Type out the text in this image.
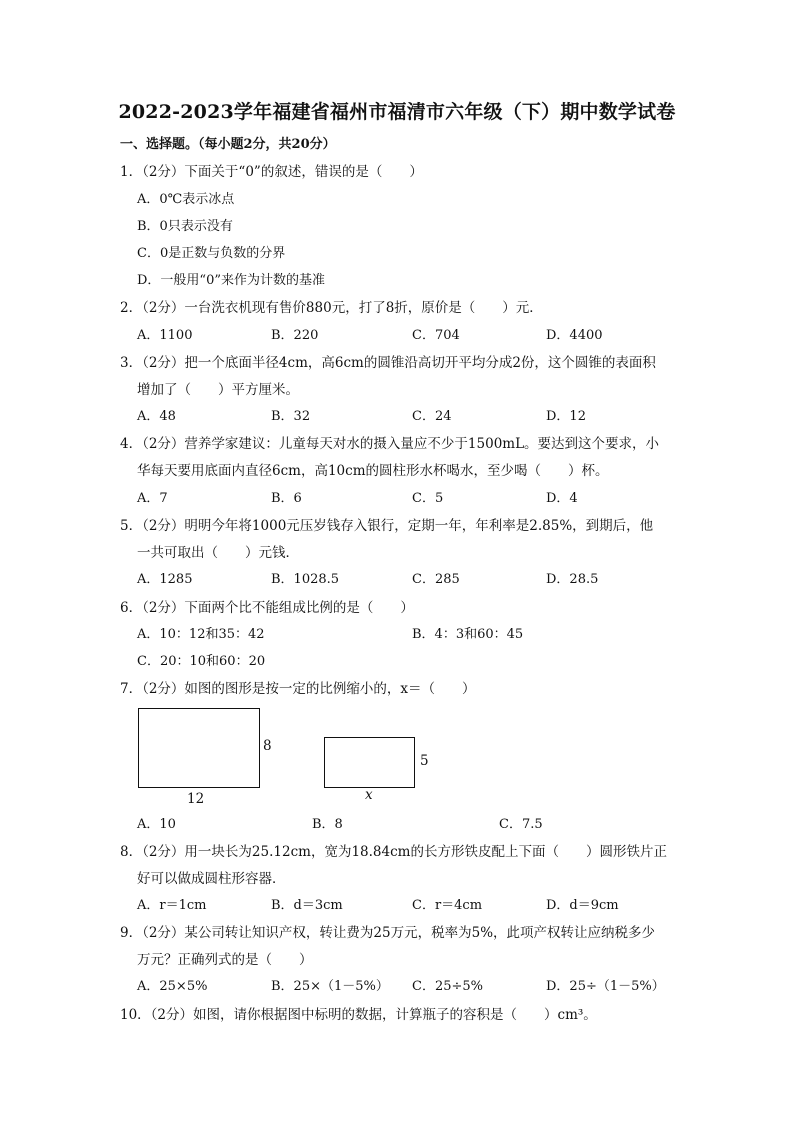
2022-2023学年福建省福州市福清市六年级（下）期中数学试卷
一、选择题。（每小题2分，共20分）
1．（2分）下面关于“0”的叙述，错误的是（　　）
A．0℃表示冰点
B．0只表示没有
C．0是正数与负数的分界
D．一般用“0”来作为计数的基准
2．（2分）一台洗衣机现有售价880元，打了8折，原价是（　　）元．
A．1100	B．220	C．704	D．4400
3．（2分）把一个底面半径4cm，高6cm的圆锥沿高切开平均分成2份，这个圆锥的表面积
增加了（　　）平方厘米。
A．48	B．32	C．24	D．12
4．（2分）营养学家建议：儿童每天对水的摄入量应不少于1500mL。要达到这个要求，小
华每天要用底面内直径6cm，高10cm的圆柱形水杯喝水，至少喝（　　）杯。
A．7	B．6	C．5	D．4
5．（2分）明明今年将1000元压岁钱存入银行，定期一年，年利率是2.85%，到期后，他
一共可取出（　　）元钱．
A．1285	B．1028.5	C．285	D．28.5
6．（2分）下面两个比不能组成比例的是（　　）
A．10：12和35：42	B．4：3和60：45
C．20：10和60：20
7．（2分）如图的图形是按一定的比例缩小的，x＝（　　）
8
12
5
x
A．10	B．8	C．7.5
8．（2分）用一块长为25.12cm，宽为18.84cm的长方形铁皮配上下面（　　）圆形铁片正
好可以做成圆柱形容器．
A．r＝1cm	B．d＝3cm	C．r＝4cm	D．d＝9cm
9．（2分）某公司转让知识产权，转让费为25万元，税率为5%，此项产权转让应纳税多少
万元？正确列式的是（　　）
A．25×5%	B．25×（1－5%） C．25÷5%	D．25÷（1－5%）
10．（2分）如图，请你根据图中标明的数据，计算瓶子的容积是（　　）cm³。
